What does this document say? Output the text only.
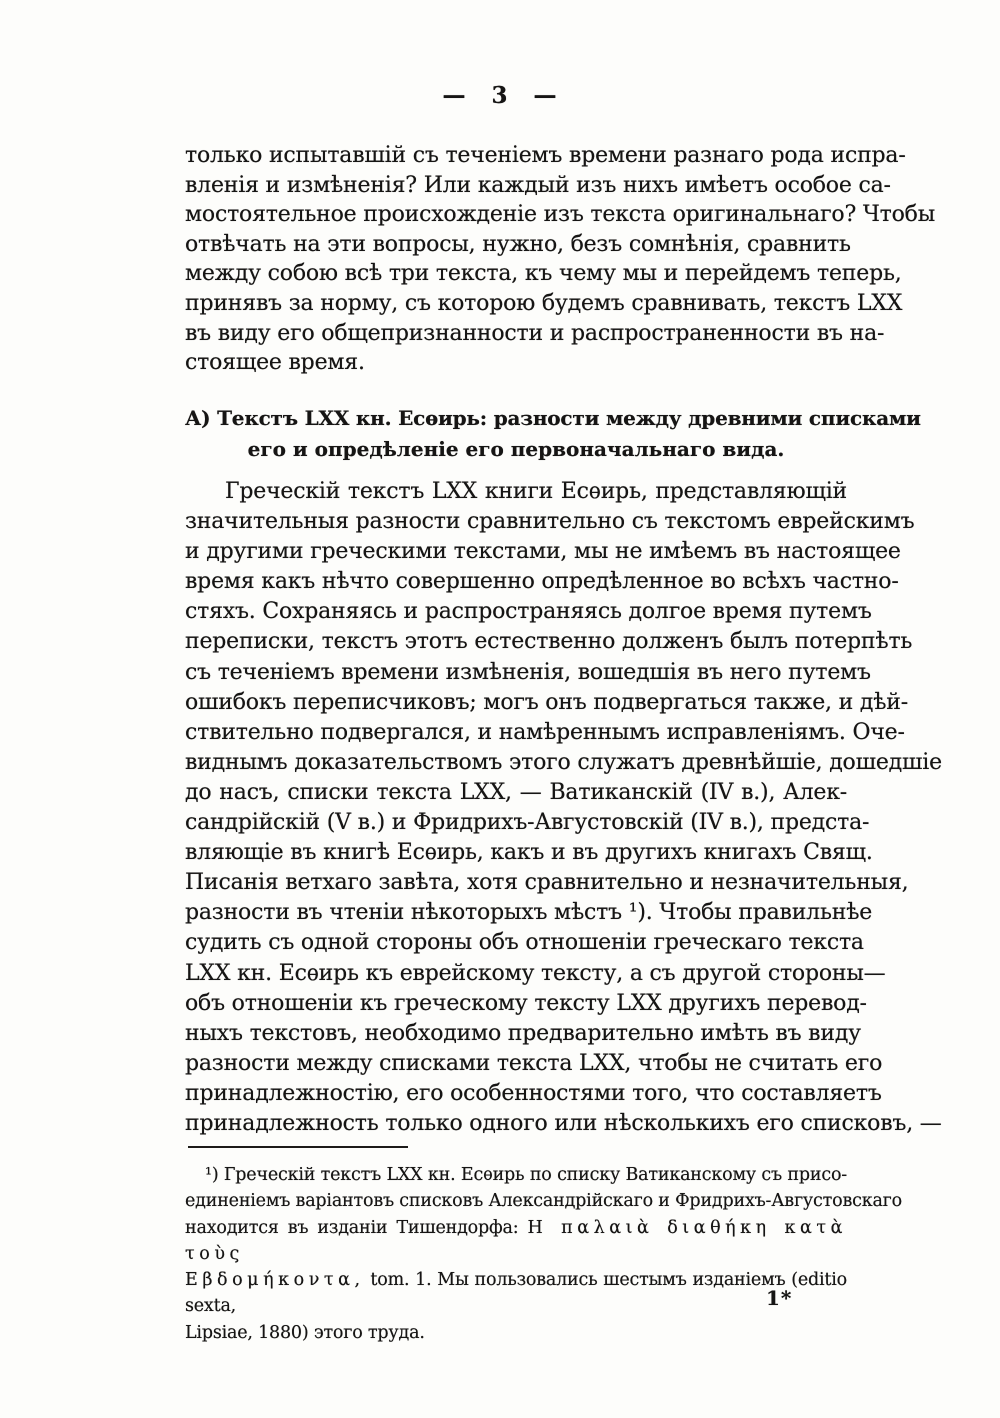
— 3 —
только испытавшій съ теченіемъ времени разнаго рода испра-
вленія и измѣненія? Или каждый изъ нихъ имѣетъ особое са-
мостоятельное происхожденіе изъ текста оригинальнаго? Чтобы
отвѣчать на эти вопросы, нужно, безъ сомнѣнія, сравнить
между собою всѣ три текста, къ чему мы и перейдемъ теперь,
принявъ за норму, съ которою будемъ сравнивать, текстъ LXX
въ виду его общепризнанности и распространенности въ на-
стоящее время.
А) Текстъ LXX кн. Есѳирь: разности между древними списками
его и опредѣленіе его первоначальнаго вида.
Греческій текстъ LXX книги Есѳирь, представляющій
значительныя разности сравнительно съ текстомъ еврейскимъ
и другими греческими текстами, мы не имѣемъ въ настоящее
время какъ нѣчто совершенно опредѣленное во всѣхъ частно-
стяхъ. Сохраняясь и распространяясь долгое время путемъ
переписки, текстъ этотъ естественно долженъ былъ потерпѣть
съ теченіемъ времени измѣненія, вошедшія въ него путемъ
ошибокъ переписчиковъ; могъ онъ подвергаться также, и дѣй-
ствительно подвергался, и намѣреннымъ исправленіямъ. Оче-
виднымъ доказательствомъ этого служатъ древнѣйшіе, дошедшіе
до насъ, списки текста LXX, — Ватиканскій (IV в.), Алек-
сандрійскій (V в.) и Фридрихъ-Августовскій (IV в.), предста-
вляющіе въ книгѣ Есѳирь, какъ и въ другихъ книгахъ Свящ.
Писанія ветхаго завѣта, хотя сравнительно и незначительныя,
разности въ чтеніи нѣкоторыхъ мѣстъ ¹). Чтобы правильнѣе
судить съ одной стороны объ отношеніи греческаго текста
LXX кн. Есѳирь къ еврейскому тексту, а съ другой стороны—
объ отношеніи къ греческому тексту LXX другихъ перевод-
ныхъ текстовъ, необходимо предварительно имѣть въ виду
разности между списками текста LXX, чтобы не считать его
принадлежностію, его особенностями того, что составляетъ
принадлежность только одного или нѣсколькихъ его списковъ, —
¹) Греческій текстъ LXX кн. Есѳирь по списку Ватиканскому съ присо-
единеніемъ варіантовъ списковъ Александрійскаго и Фридрихъ-Августовскаго
находится въ изданіи Тишендорфа: Η παλαιὰ διαθήκη κατὰ τοὺς
Εβδομήκοντα, tom. 1. Мы пользовались шестымъ изданіемъ (editio sexta,
Lipsiae, 1880) этого труда.
1*
